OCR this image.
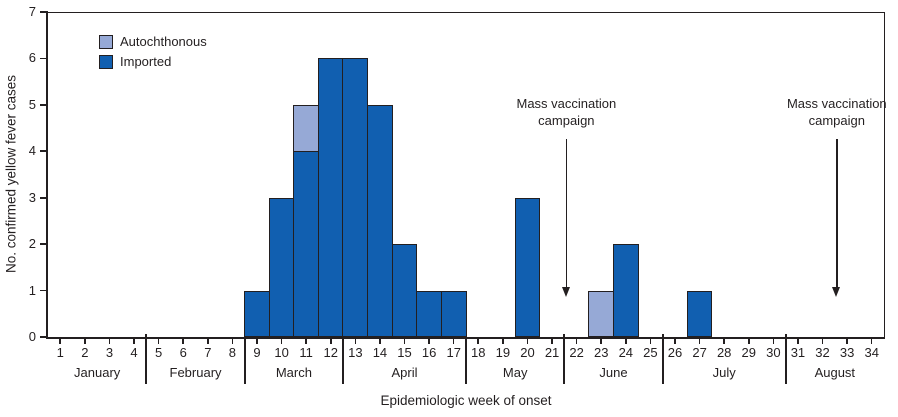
0
1
2
3
4
5
6
7
1	2	3	4	5	6	7	8	9	10 11 12 13 14 15 16 17 18 19 20 21 22 23 24 25 26 27 28 29 30 31 32 33 34
January	February	March	April	May	June	July	August
Mass vaccination campaign
Mass vaccination campaign
No. confirmed yellow fever cases
Epidemiologic week of onset
Autochthonous
Imported
